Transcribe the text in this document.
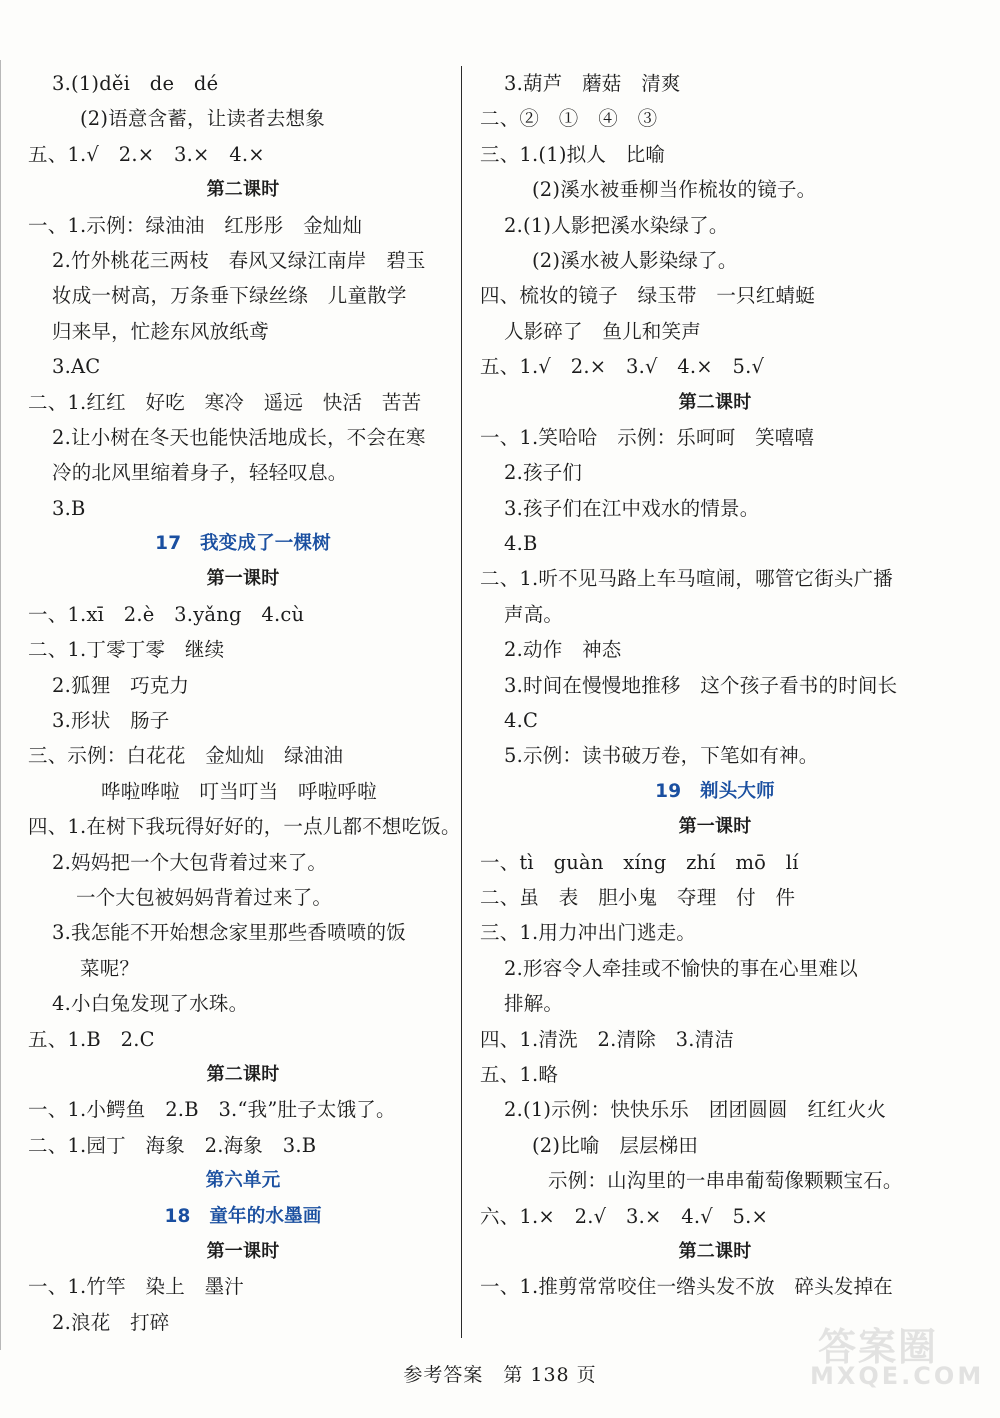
3.(1)děi　de　dé
(2)语意含蓄，让读者去想象
五、1.√　2.×　3.×　4.×
第二课时
一、1.示例：绿油油　红彤彤　金灿灿
2.竹外桃花三两枝　春风又绿江南岸　碧玉
妆成一树高，万条垂下绿丝绦　儿童散学
归来早，忙趁东风放纸鸢
3.AC
二、1.红红　好吃　寒冷　遥远　快活　苦苦
2.让小树在冬天也能快活地成长，不会在寒
冷的北风里缩着身子，轻轻叹息。
3.B
17　我变成了一棵树
第一课时
一、1.xī　2.è　3.yǎng　4.cù
二、1.丁零丁零　继续
2.狐狸　巧克力
3.形状　肠子
三、示例：白花花　金灿灿　绿油油
哗啦哗啦　叮当叮当　呼啦呼啦
四、1.在树下我玩得好好的，一点儿都不想吃饭。
2.妈妈把一个大包背着过来了。
一个大包被妈妈背着过来了。
3.我怎能不开始想念家里那些香喷喷的饭
菜呢？
4.小白兔发现了水珠。
五、1.B　2.C
第二课时
一、1.小鳄鱼　2.B　3.“我”肚子太饿了。
二、1.园丁　海象　2.海象　3.B
第六单元
18　童年的水墨画
第一课时
一、1.竹竿　染上　墨汁
2.浪花　打碎
3.葫芦　蘑菇　清爽
二、②　①　④　③
三、1.(1)拟人　比喻
(2)溪水被垂柳当作梳妆的镜子。
2.(1)人影把溪水染绿了。
(2)溪水被人影染绿了。
四、梳妆的镜子　绿玉带　一只红蜻蜓
人影碎了　鱼儿和笑声
五、1.√　2.×　3.√　4.×　5.√
第二课时
一、1.笑哈哈　示例：乐呵呵　笑嘻嘻
2.孩子们
3.孩子们在江中戏水的情景。
4.B
二、1.听不见马路上车马喧闹，哪管它街头广播
声高。
2.动作　神态
3.时间在慢慢地推移　这个孩子看书的时间长
4.C
5.示例：读书破万卷，下笔如有神。
19　剃头大师
第一课时
一、tì　guàn　xíng　zhí　mō　lí
二、虽　表　胆小鬼　夺理　付　件
三、1.用力冲出门逃走。
2.形容令人牵挂或不愉快的事在心里难以
排解。
四、1.清洗　2.清除　3.清洁
五、1.略
2.(1)示例：快快乐乐　团团圆圆　红红火火
(2)比喻　层层梯田
示例：山沟里的一串串葡萄像颗颗宝石。
六、1.×　2.√　3.×　4.√　5.×
第二课时
一、1.推剪常常咬住一绺头发不放　碎头发掉在
参考答案　第 138 页
答案圈
MXQE.COM
